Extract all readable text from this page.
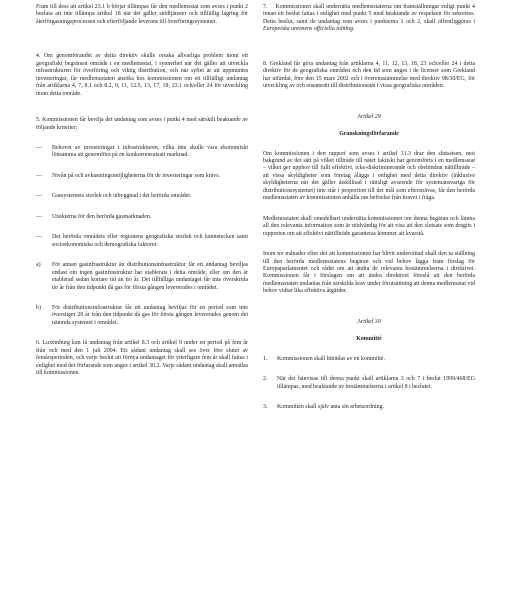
Fram till dess att artikel 23.1 b börjar tillämpas får den medlemsstat som avses i punkt 2 besluta att inte tillämpa artikel 18 när det gäller stödtjänster och tillfällig lagring för återförgasningsprocessen och efterföljande leverans till överföringssystemet.

4. Om genomförandet av detta direktiv skulle orsaka allvarliga problem inom ett geografiskt begränsat område i en medlemsstat, i synnerhet när det gäller att utveckla infrastrukturen för överföring och viktig distribution, och när syftet är att uppmuntra investeringar, får medlemsstaten ansöka hos kommissionen om ett tillfälligt undantag från artiklarna 4, 7, 8.1 och 8.2, 9, 11, 12.5, 13, 17, 18, 23.1 och/eller 24 för utveckling inom detta område.

5. Kommissionen får bevilja det undantag som avses i punkt 4 med särskilt beaktande av följande kriterier:

—	Behovet av investeringar i infrastrukturen, vilka inte skulle vara ekonomiskt lönsamma att genomföra på en konkurrensutsatt marknad.
—	Nivån på och avkastningsmöjligheterna för de investeringar som krävs.
—	Gassystemets storlek och utbyggnad i det berörda området.
—	Utsikterna för den berörda gasmarknaden.
—	Det berörda områdets eller regionens geografiska storlek och kännetecken samt socioekonomiska och demografiska faktorer.
a)	För annan gasinfrastruktur än distributionsinfrastruktur får ett undantag beviljas endast om ingen gasinfrastruktur har etablerats i detta område, eller om den är etablerad sedan kortare tid än tio år. Det tillfälliga undantaget får inte överskrida tio år från den tidpunkt då gas för första gången levererades i området.
b)	För distributionsinfrastruktur får ett undantag beviljas för en period som inte överstiger 20 år från den tidpunkt då gas för första gången levererades genom det nämnda systemet i området.

6. Luxemburg kan få undantag från artikel 8.3 och artikel 9 under en period på fem år från och med den 1 juli 2004. Ett sådant undantag skall ses över före slutet av femårsperioden, och varje beslut att förnya undantaget för ytterligare fem år skall fattas i enlighet med det förfarande som anges i artikel 30.2. Varje sådant undantag skall anmälas till kommissionen.

7.    Kommissionen skall underrätta medlemsstaterna om framställningar enligt punkt 4 innan ett beslut fattas i enlighet med punkt 5 med beaktande av respekten för sekretess. Detta beslut, samt de undantag som avses i punkterna 1 och 2, skall offentliggöras i Europeiska unionens officiella tidning.

8. Grekland får göra undantag från artiklarna 4, 11, 12, 13, 18, 23 och/eller 24 i detta direktiv för de geografiska områden och den tid som anges i de licenser som Grekland har utfärdat, före den 15 mars 2002 och i överensstämmelse med direktiv 98/30/EG, för utveckling av och ensamrätt till distributionsnät i vissa geografiska områden.

Artikel 29
Granskningsförfarande

Om kommissionen i den rapport som avses i artikel 31.3 drar den slutsatsen, mot bakgrund av det sätt på vilket tillträde till nätet faktiskt har genomförts i en medlemsstat – vilket ger upphov till fullt effektivt, icke-diskriminerande och obehindrat nättillträde – att vissa skyldigheter som företag åläggs i enlighet med detta direktiv (inklusive skyldigheterna när det gäller åtskillnad i rättsligt avseende för systemansvariga för distributionssystemet) inte står i proportion till det mål som eftersträvas, får den berörda medlemsstaten av kommissionen anhålla om befrielse från kravet i fråga.

Medlemsstaten skall omedelbart underrätta kommissionen om denna begäran och lämna all den relevanta information som är nödvändig för att visa att den slutsats som dragits i rapporten om att effektivt nättillträde garanteras kommer att kvarstå.

Inom tre månader efter det att kommissionen har blivit underrättad skall den ta ställning till den berörda medlemsstatens begäran och vid behov lägga fram förslag för Europaparlamentet och rådet om att ändra de relevanta bestämmelserna i direktivet. Kommissionen får i förslagen om att ändra direktivet föreslå att den berörda medlemsstaten undantas från särskilda krav under förutsättning att denna medlemsstat vid behov vidtar lika effektiva åtgärder.

Artikel 30
Kommitté
1.	Kommissionen skall biträdas av en kommitté.
2.	När det hänvisas till denna punkt skall artiklarna 3 och 7 i beslut 1999/468/EG tillämpas, med beaktande av bestämmelserna i artikel 8 i beslutet.
3.	Kommittén skall själv anta sin arbetsordning.
